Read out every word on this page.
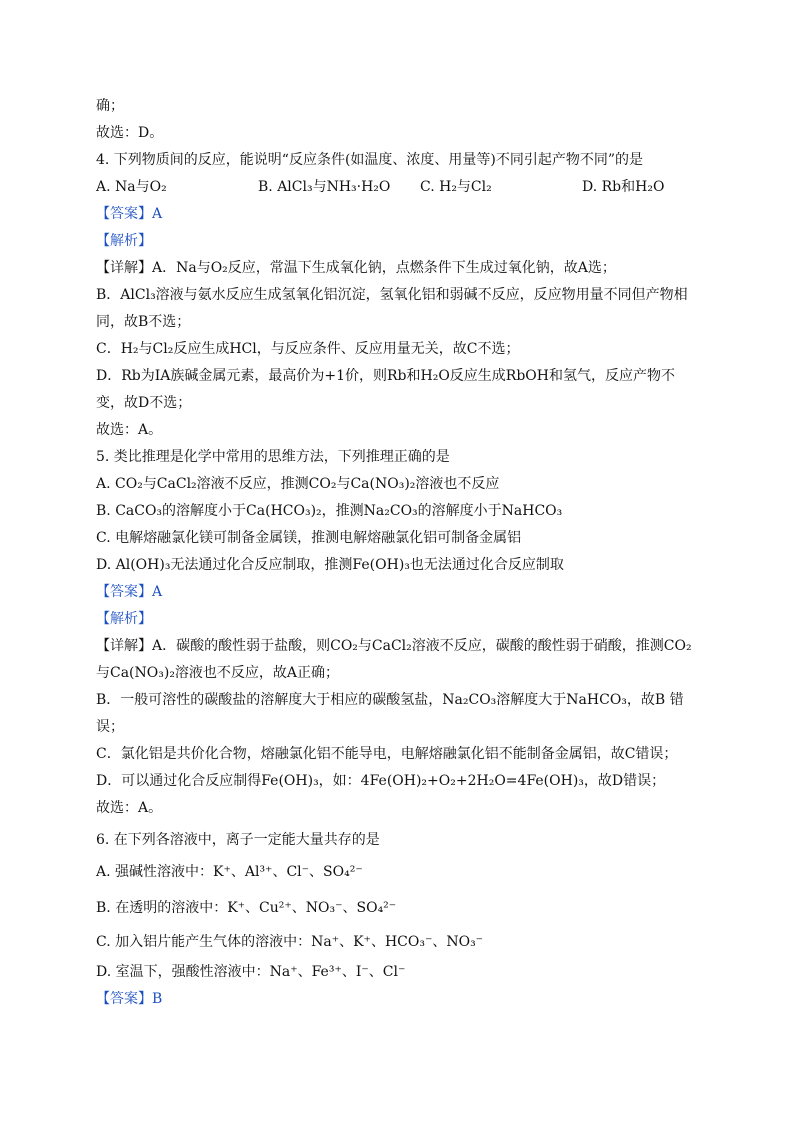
确；
故选：D。
4. 下列物质间的反应，能说明“反应条件(如温度、浓度、用量等)不同引起产物不同”的是
A. Na与O₂	B. AlCl₃与NH₃·H₂O C. H₂与Cl₂	D. Rb和H₂O
【答案】A
【解析】
【详解】A．Na与O₂反应，常温下生成氧化钠，点燃条件下生成过氧化钠，故A选；
B．AlCl₃溶液与氨水反应生成氢氧化铝沉淀，氢氧化铝和弱碱不反应，反应物用量不同但产物相
同，故B不选；
C．H₂与Cl₂反应生成HCl，与反应条件、反应用量无关，故C不选；
D．Rb为IA族碱金属元素，最高价为+1价，则Rb和H₂O反应生成RbOH和氢气，反应产物不
变，故D不选；
故选：A。
5. 类比推理是化学中常用的思维方法，下列推理正确的是
A. CO₂与CaCl₂溶液不反应，推测CO₂与Ca(NO₃)₂溶液也不反应
B. CaCO₃的溶解度小于Ca(HCO₃)₂，推测Na₂CO₃的溶解度小于NaHCO₃
C. 电解熔融氯化镁可制备金属镁，推测电解熔融氯化铝可制备金属铝
D. Al(OH)₃无法通过化合反应制取，推测Fe(OH)₃也无法通过化合反应制取
【答案】A
【解析】
【详解】A．碳酸的酸性弱于盐酸，则CO₂与CaCl₂溶液不反应，碳酸的酸性弱于硝酸，推测CO₂
与Ca(NO₃)₂溶液也不反应，故A正确；
B．一般可溶性的碳酸盐的溶解度大于相应的碳酸氢盐，Na₂CO₃溶解度大于NaHCO₃，故B 错
误；
C．氯化铝是共价化合物，熔融氯化铝不能导电，电解熔融氯化铝不能制备金属铝，故C错误；
D．可以通过化合反应制得Fe(OH)₃，如：4Fe(OH)₂+O₂+2H₂O=4Fe(OH)₃，故D错误；
故选：A。
6. 在下列各溶液中，离子一定能大量共存的是
A. 强碱性溶液中：K⁺、Al³⁺、Cl⁻、SO₄²⁻
B. 在透明的溶液中：K⁺、Cu²⁺、NO₃⁻、SO₄²⁻
C. 加入铝片能产生气体的溶液中：Na⁺、K⁺、HCO₃⁻、NO₃⁻
D. 室温下，强酸性溶液中：Na⁺、Fe³⁺、I⁻、Cl⁻
【答案】B
